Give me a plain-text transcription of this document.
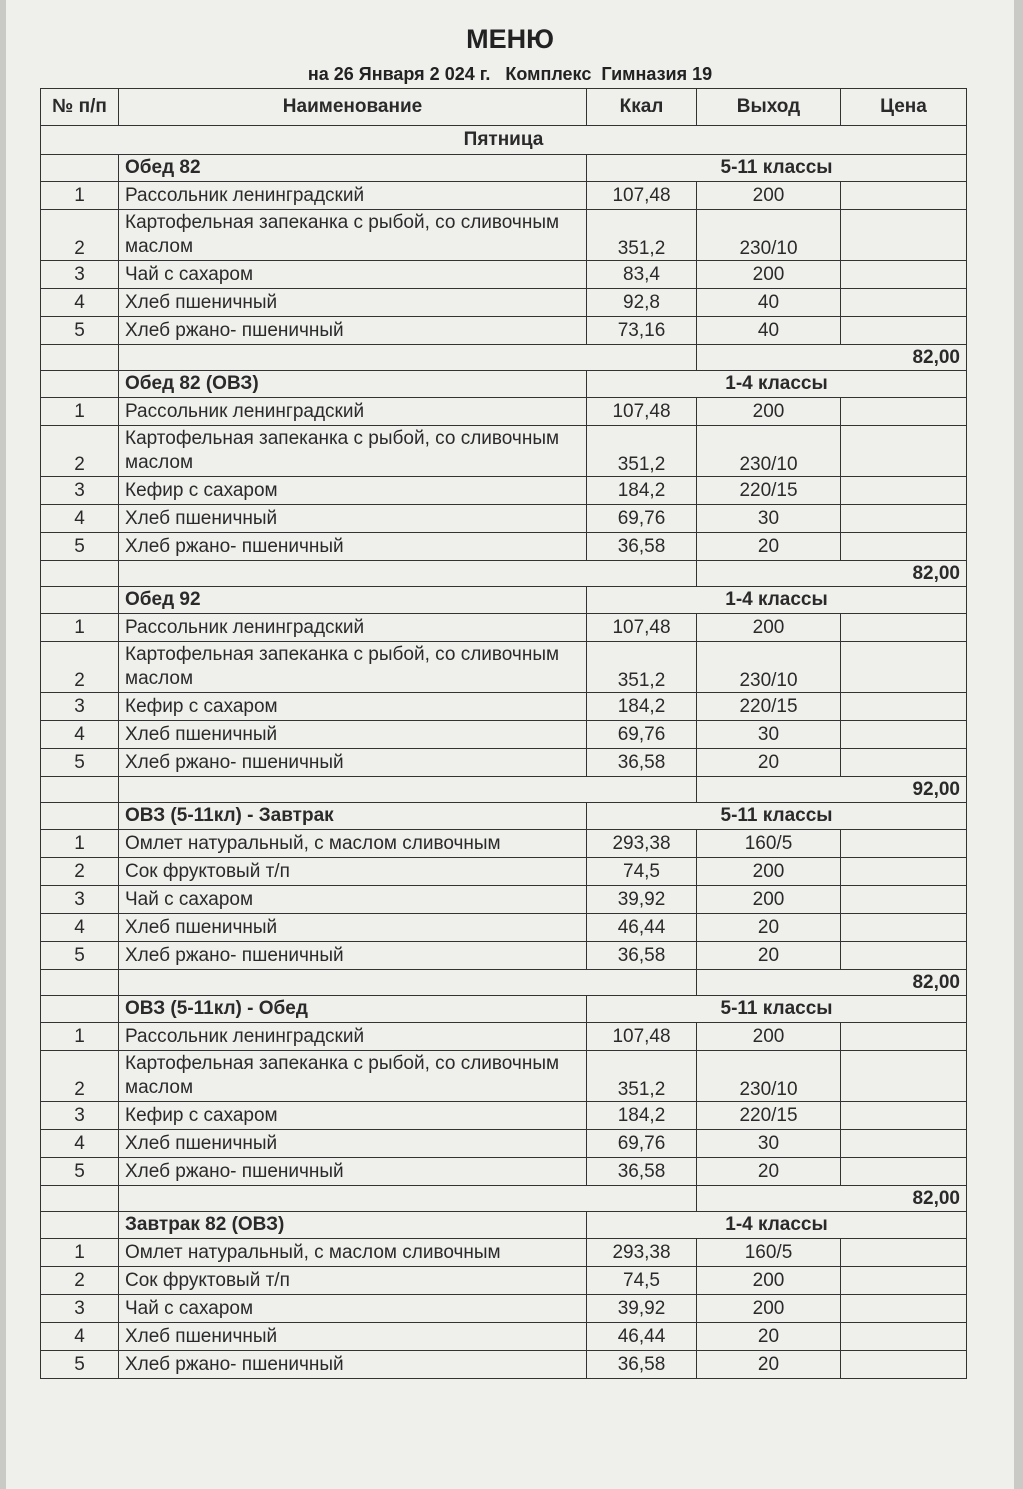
МЕНЮ
на 26 Января 2 024 г.   Комплекс  Гимназия 19
№ п/п	Наименование	Ккал	Выход	Цена
Пятница				
	Обед 82	5-11 классы		
1	Рассольник ленинградский	107,48	200	
2	Картофельная запеканка с рыбой, со сливочным маслом	351,2	230/10	
3	Чай с сахаром	83,4	200	
4	Хлеб пшеничный	92,8	40	
5	Хлеб ржано- пшеничный	73,16	40	
			82,00	
	Обед 82 (ОВЗ)	1-4 классы		
1	Рассольник ленинградский	107,48	200	
2	Картофельная запеканка с рыбой, со сливочным маслом	351,2	230/10	
3	Кефир с сахаром	184,2	220/15	
4	Хлеб пшеничный	69,76	30	
5	Хлеб ржано- пшеничный	36,58	20	
			82,00	
	Обед 92	1-4 классы		
1	Рассольник ленинградский	107,48	200	
2	Картофельная запеканка с рыбой, со сливочным маслом	351,2	230/10	
3	Кефир с сахаром	184,2	220/15	
4	Хлеб пшеничный	69,76	30	
5	Хлеб ржано- пшеничный	36,58	20	
			92,00	
	ОВЗ (5-11кл) - Завтрак	5-11 классы		
1	Омлет натуральный, с маслом сливочным	293,38	160/5	
2	Сок фруктовый т/п	74,5	200	
3	Чай с сахаром	39,92	200	
4	Хлеб пшеничный	46,44	20	
5	Хлеб ржано- пшеничный	36,58	20	
			82,00	
	ОВЗ (5-11кл) - Обед	5-11 классы		
1	Рассольник ленинградский	107,48	200	
2	Картофельная запеканка с рыбой, со сливочным маслом	351,2	230/10	
3	Кефир с сахаром	184,2	220/15	
4	Хлеб пшеничный	69,76	30	
5	Хлеб ржано- пшеничный	36,58	20	
			82,00	
	Завтрак 82 (ОВЗ)	1-4 классы		
1	Омлет натуральный, с маслом сливочным	293,38	160/5	
2	Сок фруктовый т/п	74,5	200	
3	Чай с сахаром	39,92	200	
4	Хлеб пшеничный	46,44	20	
5	Хлеб ржано- пшеничный	36,58	20	
